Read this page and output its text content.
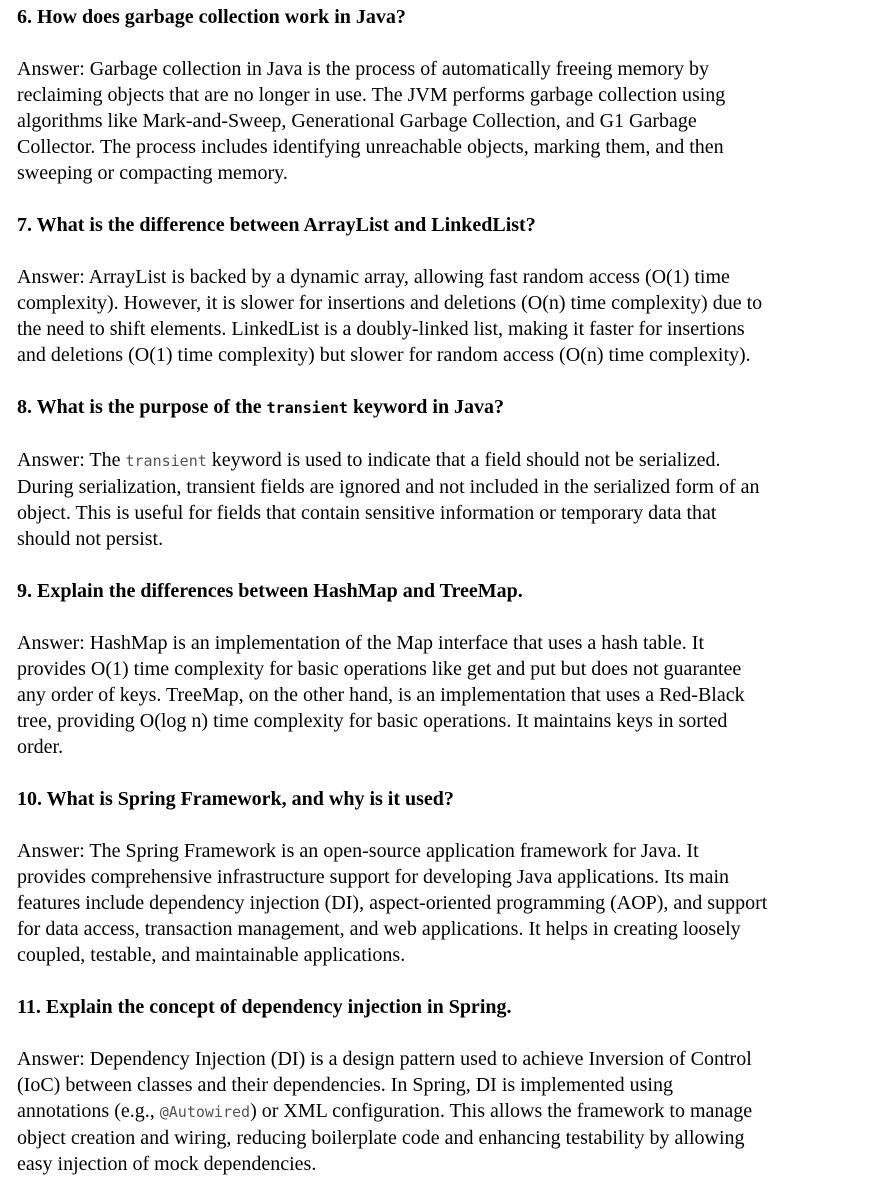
6. How does garbage collection work in Java?
Answer: Garbage collection in Java is the process of automatically freeing memory by
reclaiming objects that are no longer in use. The JVM performs garbage collection using
algorithms like Mark-and-Sweep, Generational Garbage Collection, and G1 Garbage
Collector. The process includes identifying unreachable objects, marking them, and then
sweeping or compacting memory.
7. What is the difference between ArrayList and LinkedList?
Answer: ArrayList is backed by a dynamic array, allowing fast random access (O(1) time
complexity). However, it is slower for insertions and deletions (O(n) time complexity) due to
the need to shift elements. LinkedList is a doubly-linked list, making it faster for insertions
and deletions (O(1) time complexity) but slower for random access (O(n) time complexity).
8. What is the purpose of the transient keyword in Java?
Answer: The transient keyword is used to indicate that a field should not be serialized.
During serialization, transient fields are ignored and not included in the serialized form of an
object. This is useful for fields that contain sensitive information or temporary data that
should not persist.
9. Explain the differences between HashMap and TreeMap.
Answer: HashMap is an implementation of the Map interface that uses a hash table. It
provides O(1) time complexity for basic operations like get and put but does not guarantee
any order of keys. TreeMap, on the other hand, is an implementation that uses a Red-Black
tree, providing O(log n) time complexity for basic operations. It maintains keys in sorted
order.
10. What is Spring Framework, and why is it used?
Answer: The Spring Framework is an open-source application framework for Java. It
provides comprehensive infrastructure support for developing Java applications. Its main
features include dependency injection (DI), aspect-oriented programming (AOP), and support
for data access, transaction management, and web applications. It helps in creating loosely
coupled, testable, and maintainable applications.
11. Explain the concept of dependency injection in Spring.
Answer: Dependency Injection (DI) is a design pattern used to achieve Inversion of Control
(IoC) between classes and their dependencies. In Spring, DI is implemented using
annotations (e.g., @Autowired) or XML configuration. This allows the framework to manage
object creation and wiring, reducing boilerplate code and enhancing testability by allowing
easy injection of mock dependencies.
